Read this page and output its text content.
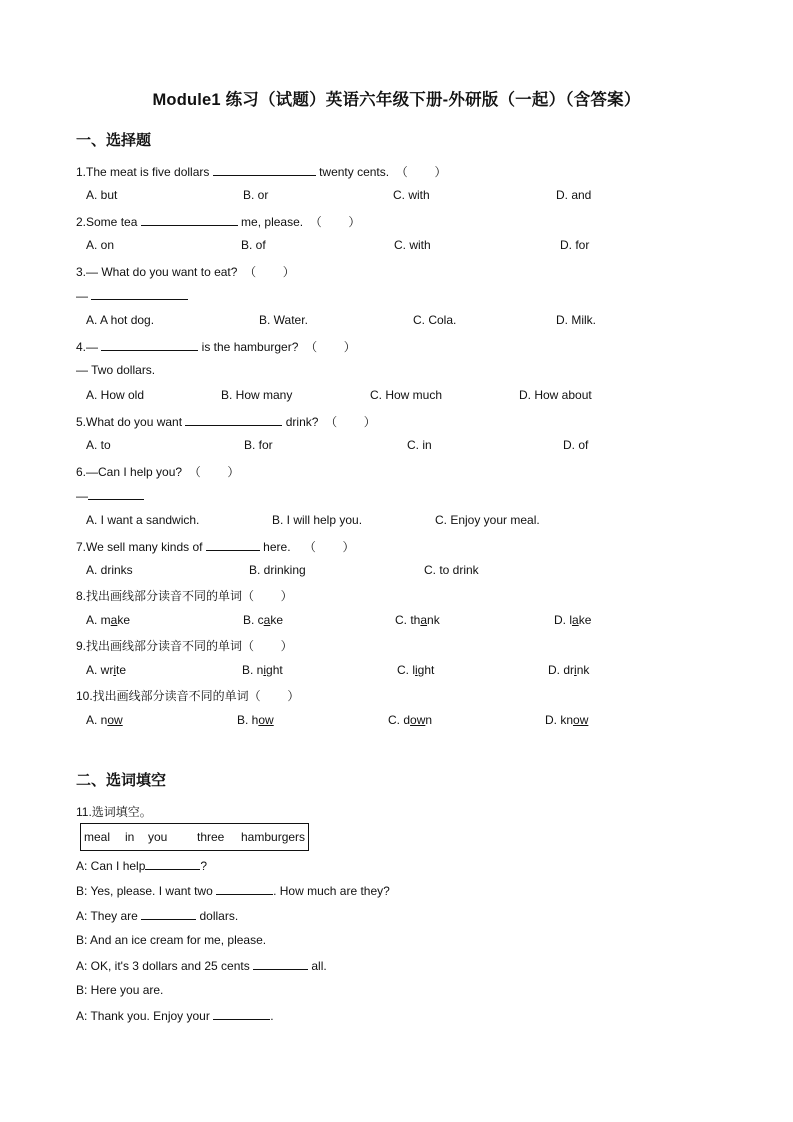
Module1 练习（试题）英语六年级下册-外研版（一起）（含答案）
一、选择题
1.The meat is five dollars	twenty cents.  （        ）
A. but	B. or	C. with	D. and
2.Some tea	me, please.  （        ）
A. on	B. of	C. with	D. for
3.— What do you want to eat?  （        ）
—
A. A hot dog.	B. Water.	C. Cola.	D. Milk.
4.—	is the hamburger?  （        ）
— Two dollars.
A. How old	B. How many	C. How much	D. How about
5.What do you want	drink?  （        ）
A. to	B. for	C. in	D. of
6.—Can I help you?  （        ）
—
A. I want a sandwich.	B. I will help you.	C. Enjoy your meal.
7.We sell many kinds of	here.    （        ）
A. drinks	B. drinking	C. to drink
8.找出画线部分读音不同的单词（        ）
A. make	B. cake	C. thank	D. lake
9.找出画线部分读音不同的单词（        ）
A. write	B. night	C. light	D. drink
10.找出画线部分读音不同的单词（        ）
A. now	B. how	C. down	D. know
二、选词填空
11.选词填空。

meal

in

you

three

hamburgers

A: Can I help	?
B: Yes, please. I want two	. How much are they?
A: They are	dollars.
B: And an ice cream for me, please.
A: OK, it's 3 dollars and 25 cents	all.
B: Here you are.
A: Thank you. Enjoy your	.
